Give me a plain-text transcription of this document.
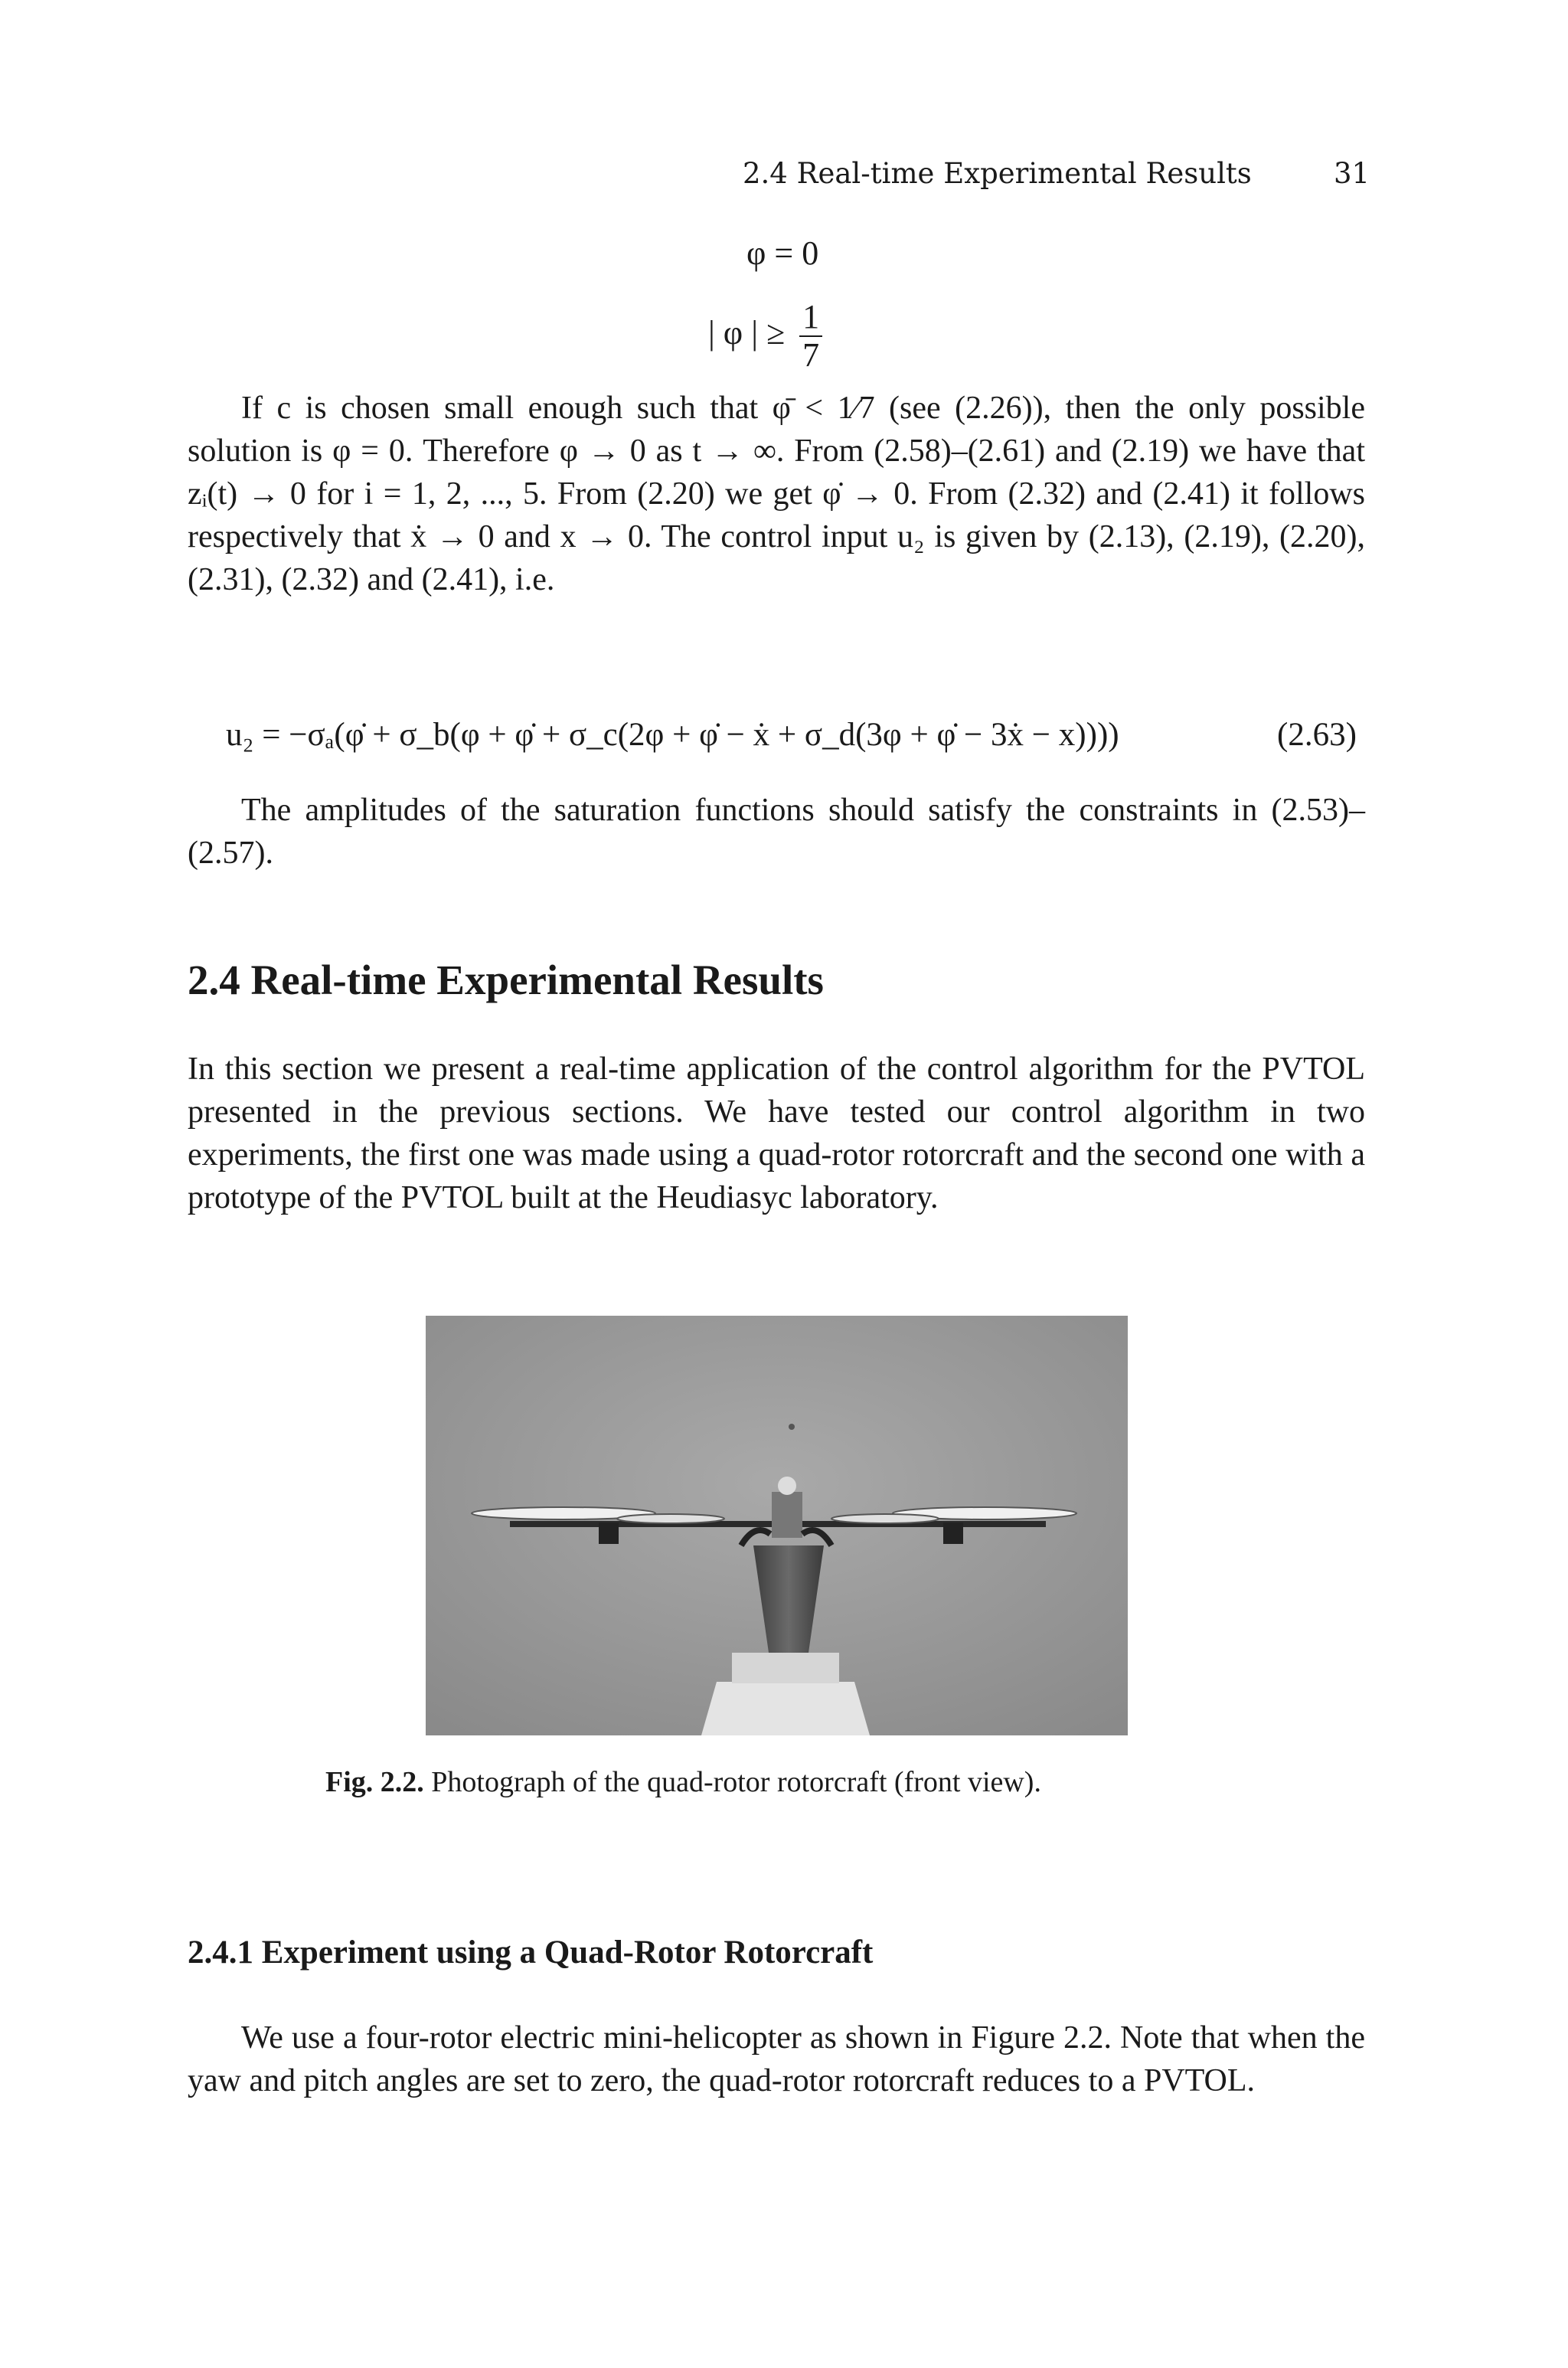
2.4 Real-time Experimental Results	31
φ = 0
| φ | ≥ $\frac{1}{7}$

If c is chosen small enough such that φ̄ < 1⁄7 (see (2.26)), then the only possible solution is φ = 0. Therefore φ → 0 as t → ∞. From (2.58)–(2.61) and (2.19) we have that zᵢ(t) → 0 for i = 1, 2, ..., 5. From (2.20) we get φ̇ → 0. From (2.32) and (2.41) it follows respectively that ẋ → 0 and x → 0. The control input u₂ is given by (2.13), (2.19), (2.20), (2.31), (2.32) and (2.41), i.e.

u₂ = −σₐ(φ̇ + σ_b(φ + φ̇ + σ_c(2φ + φ̇ − ẋ + σ_d(3φ + φ̇ − 3ẋ − x))))	(2.63)

The amplitudes of the saturation functions should satisfy the constraints in (2.53)–(2.57).

2.4 Real-time Experimental Results

In this section we present a real-time application of the control algorithm for the PVTOL presented in the previous sections. We have tested our control algorithm in two experiments, the first one was made using a quad-rotor rotorcraft and the second one with a prototype of the PVTOL built at the Heudiasyc laboratory.

Fig. 2.2. Photograph of the quad-rotor rotorcraft (front view).
2.4.1 Experiment using a Quad-Rotor Rotorcraft

We use a four-rotor electric mini-helicopter as shown in Figure 2.2. Note that when the yaw and pitch angles are set to zero, the quad-rotor rotorcraft reduces to a PVTOL.
